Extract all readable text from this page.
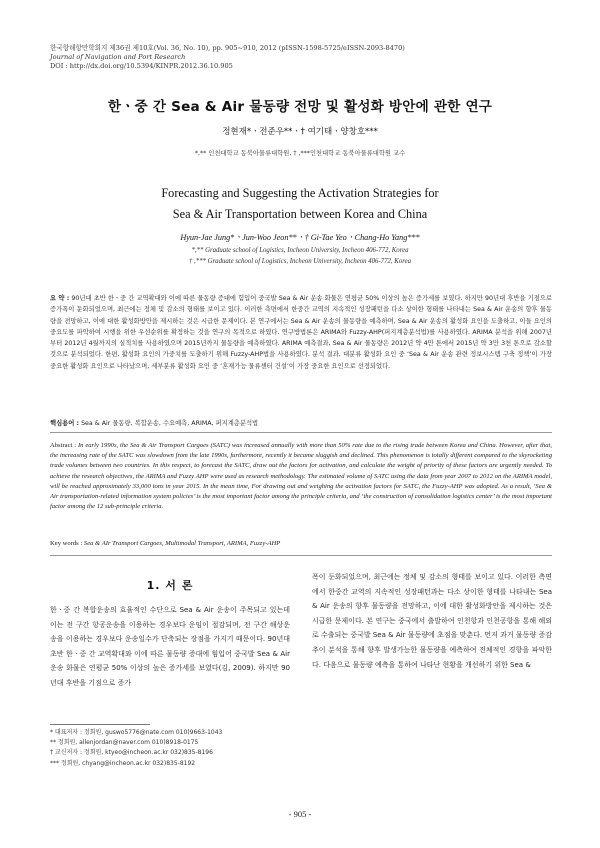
한국항해항만학회지 제36권 제10호(Vol. 36, No. 10), pp. 905~910, 2012 (pISSN-1598-5725/eISSN-2093-8470)
Journal of Navigation and Port Research
DOI : http://dx.doi.org/10.5394/KINPR.2012.36.10.905
한ㆍ중 간 Sea & Air 물동량 전망 및 활성화 방안에 관한 연구
정현재*ㆍ전준우**ㆍ† 여기태ㆍ양창호***
*,** 인천대학교 동북아물류대학원, † ,***인천대학교 동북아물류대학원 교수
Forecasting and Suggesting the Activation Strategies for
Sea & Air Transportation between Korea and China
Hyun-Jae Jung*ㆍJun-Woo Jeon**ㆍ† Gi-Tae YeoㆍChang-Ho Yang***
*,** Graduate school of Logistics, Incheon University, Incheon 406-772, Korea
† ,*** Graduate school of Logistics, Incheon University, Incheon 406-772, Korea
요 약 : 90년대 초반 한ㆍ중 간 교역확대와 이에 따른 물동량 증대에 힘입어 중국발 Sea & Air 운송 화물은 연평균 50% 이상의 높은 증가세를 보였다. 하지만 90년대 후반을 기점으로 증가폭이 둔화되었으며, 최근에는 정체 및 감소의 형태를 보이고 있다. 이러한 측면에서 한중간 교역의 지속적인 성장패턴을 다소 상이한 형태를 나타내는 Sea & Air 운송의 향후 물동량을 전망하고, 이에 대한 활성화방안을 제시하는 것은 시급한 문제이다. 본 연구에서는 Sea & Air 운송의 물동량을 예측하며, Sea & Air 운송의 활성화 요인을 도출하고, 이들 요인의 중요도를 파악하여 시행을 위한 우선순위를 확정하는 것을 연구의 목적으로 하였다. 연구방법론은 ARIMA와 Fuzzy-AHP(퍼지계층분석법)를 사용하였다. ARIMA 분석을 위해 2007년부터 2012년 4월까지의 실적치를 사용하였으며 2015년까지 물동량을 예측하였다. ARIMA 예측결과, Sea & Air 물동량은 2012년 약 4만 톤에서 2015년 약 3만 3천 톤으로 감소할 것으로 분석되었다. 한편, 활성화 요인의 가중치를 도출하기 위해 Fuzzy-AHP법을 사용하였다. 분석 결과, 대분류 활성화 요인 중 ‘Sea & Air 운송 관련 정보시스템 구축 정책’이 가장 중요한 활성화 요인으로 나타났으며, 세부분류 활성화 요인 중 ‘혼재가능 물류센터 건설’이 가장 중요한 요인으로 선정되었다.
핵심용어 : Sea & Air 물동량, 복합운송, 수요예측, ARIMA, 퍼지계층분석법
Abstract : In early 1990s, the Sea & Air Transport Cargoes (SATC) was increased annually with more than 50% rate due to the rising trade between Korea and China. However, after that, the increasing rate of the SATC was slowdown from the late 1990s, furthermore, recently it became sluggish and declined. This phenomenon is totally different compared to the skyrocketing trade volumes between two countries. In this respect, to forecast the SATC, draw out the factors for activation, and calculate the weight of priority of these factors are urgently needed. To achieve the research objectives, the ARIMA and Fuzzy AHP were used as research methodology. The estimated volume of SATC using the data from year 2007 to 2012 on the ARIMA model, will be reached approximately 33,000 tons in year 2015. In the mean time, For drawing out and weighing the activation factors for SATC, the Fuzzy-AHP was adopted. As a result, ‘Sea & Air transportation-related information system policies’ is the most important factor among the principle criteria, and ‘the construction of consolidation logistics center’ is the most important factor among the 12 sub-principle criteria.
Key words : Sea & AIr Transport Cargoes, Multimodal Transport, ARIMA, Fuzzy-AHP
1. 서 론
한ㆍ중 간 복합운송의 효율적인 수단으로 Sea & Air 운송이 주목되고 있는데 이는 전 구간 항공운송을 이용하는 경우보다 운임이 절감되며, 전 구간 해상운송을 이용하는 경우보다 운송일수가 단축되는 장점을 가지기 때문이다. 90년대 초반 한ㆍ중 간 교역확대와 이에 따른 물동량 증대에 힘입어 중국발 Sea & Air 운송 화물은 연평균 50% 이상의 높은 증가세를 보였다(김, 2009). 하지만 90년대 후반을 기점으로 증가
폭이 둔화되었으며, 최근에는 정체 및 감소의 형태를 보이고 있다. 이러한 측면에서 한중간 교역의 지속적인 성장패턴과는 다소 상이한 형태를 나타내는 Sea & Air 운송의 향후 물동량을 전망하고, 이에 대한 활성화방안을 제시하는 것은 시급한 문제이다. 본 연구는 중국에서 출발하여 인천항과 인천공항을 통해 해외로 수출되는 중국발 Sea & Air 물동량에 초점을 맞춘다. 먼저 과거 물동량 증감추이 분석을 통해 향후 발생가능한 물동량을 예측하여 전체적인 경향을 파악한다. 다음으로 물동량 예측을 통하여 나타난 현황을 개선하기 위한 Sea &
* 대표저자 : 정회원, guswo5776@nate.com 010)9663-1043
** 정회원, allenjordan@naver.com 010)8918-0175
† 교신저자 : 정회원, ktyeo@incheon.ac.kr 032)835-8196
*** 정회원, chyang@incheon.ac.kr 032)835-8192
- 905 -
